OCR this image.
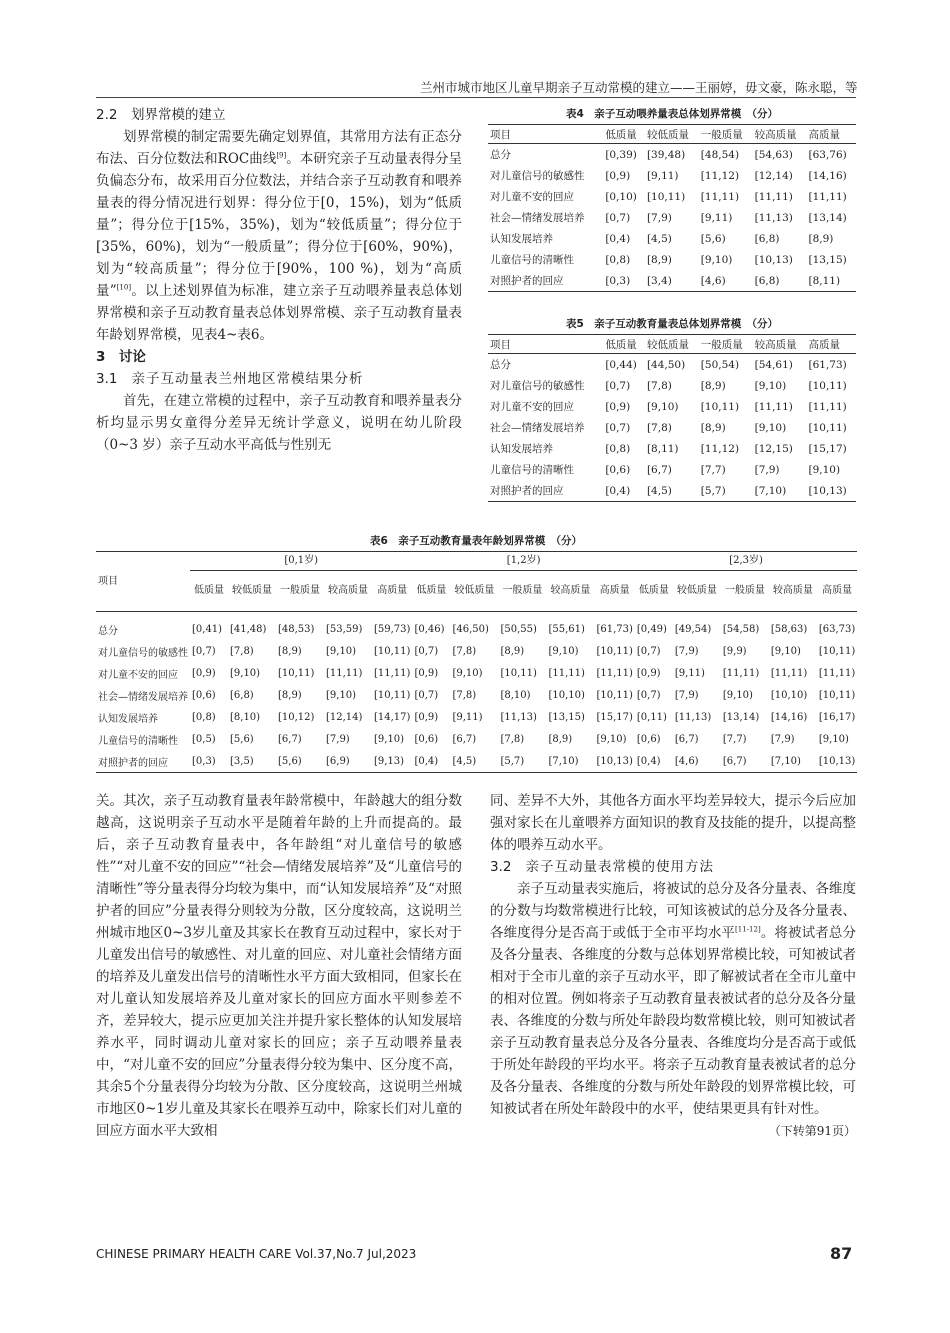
兰州市城市地区儿童早期亲子互动常模的建立——王丽婷，毋文豪，陈永聪，等

2.2　划界常模的建立

划界常模的制定需要先确定划界值，其常用方法有正态分布法、百分位数法和ROC曲线[9]。本研究亲子互动量表得分呈负偏态分布，故采用百分位数法，并结合亲子互动教育和喂养量表的得分情况进行划界：得分位于[0，15%)，划为“低质量”；得分位于[15%，35%)，划为“较低质量”；得分位于[35%，60%)，划为“一般质量”；得分位于[60%，90%)，划为“较高质量”；得分位于[90%，100 %)，划为“高质量”[10]。以上述划界值为标准，建立亲子互动喂养量表总体划界常模和亲子互动教育量表总体划界常模、亲子互动教育量表年龄划界常模，见表4~表6。

3　讨论

3.1 亲子互动量表兰州地区常模结果分析

首先，在建立常模的过程中，亲子互动教育和喂养量表分析均显示男女童得分差异无统计学意义，说明在幼儿阶段（0~3 岁）亲子互动水平高低与性别无

表4　亲子互动喂养量表总体划界常模　（分）
项目	低质量	较低质量	一般质量	较高质量	高质量
总分	[0,39)	[39,48)	[48,54)	[54,63)	[63,76)
对儿童信号的敏感性	[0,9)	[9,11)	[11,12)	[12,14)	[14,16)
对儿童不安的回应	[0,10)	[10,11)	[11,11)	[11,11)	[11,11)
社会—情绪发展培养	[0,7)	[7,9)	[9,11)	[11,13)	[13,14)
认知发展培养	[0,4)	[4,5)	[5,6)	[6,8)	[8,9)
儿童信号的清晰性	[0,8)	[8,9)	[9,10)	[10,13)	[13,15)
对照护者的回应	[0,3)	[3,4)	[4,6)	[6,8)	[8,11)
表5　亲子互动教育量表总体划界常模　（分）
项目	低质量	较低质量	一般质量	较高质量	高质量
总分	[0,44)	[44,50)	[50,54)	[54,61)	[61,73)
对儿童信号的敏感性	[0,7)	[7,8)	[8,9)	[9,10)	[10,11)
对儿童不安的回应	[0,9)	[9,10)	[10,11)	[11,11)	[11,11)
社会—情绪发展培养	[0,7)	[7,8)	[8,9)	[9,10)	[10,11)
认知发展培养	[0,8)	[8,11)	[11,12)	[12,15)	[15,17)
儿童信号的清晰性	[0,6)	[6,7)	[7,7)	[7,9)	[9,10)
对照护者的回应	[0,4)	[4,5)	[5,7)	[7,10)	[10,13)
表6　亲子互动教育量表年龄划界常模　（分）
项目	[0,1岁)					[1,2岁)					[2,3岁)				
	低质量	较低质量	一般质量	较高质量	高质量	低质量	较低质量	一般质量	较高质量	高质量	低质量	较低质量	一般质量	较高质量	高质量
总分	[0,41)	[41,48)	[48,53)	[53,59)	[59,73)	[0,46)	[46,50)	[50,55)	[55,61)	[61,73)	[0,49)	[49,54)	[54,58)	[58,63)	[63,73)
对儿童信号的敏感性	[0,7)	[7,8)	[8,9)	[9,10)	[10,11)	[0,7)	[7,8)	[8,9)	[9,10)	[10,11)	[0,7)	[7,9)	[9,9)	[9,10)	[10,11)
对儿童不安的回应	[0,9)	[9,10)	[10,11)	[11,11)	[11,11)	[0,9)	[9,10)	[10,11)	[11,11)	[11,11)	[0,9)	[9,11)	[11,11)	[11,11)	[11,11)
社会—情绪发展培养	[0,6)	[6,8)	[8,9)	[9,10)	[10,11)	[0,7)	[7,8)	[8,10)	[10,10)	[10,11)	[0,7)	[7,9)	[9,10)	[10,10)	[10,11)
认知发展培养	[0,8)	[8,10)	[10,12)	[12,14)	[14,17)	[0,9)	[9,11)	[11,13)	[13,15)	[15,17)	[0,11)	[11,13)	[13,14)	[14,16)	[16,17)
儿童信号的清晰性	[0,5)	[5,6)	[6,7)	[7,9)	[9,10)	[0,6)	[6,7)	[7,8)	[8,9)	[9,10)	[0,6)	[6,7)	[7,7)	[7,9)	[9,10)
对照护者的回应	[0,3)	[3,5)	[5,6)	[6,9)	[9,13)	[0,4)	[4,5)	[5,7)	[7,10)	[10,13)	[0,4)	[4,6)	[6,7)	[7,10)	[10,13)

关。其次，亲子互动教育量表年龄常模中，年龄越大的组分数越高，这说明亲子互动水平是随着年龄的上升而提高的。最后，亲子互动教育量表中，各年龄组“对儿童信号的敏感性”“对儿童不安的回应”“社会—情绪发展培养”及“儿童信号的清晰性”等分量表得分均较为集中，而“认知发展培养”及“对照护者的回应”分量表得分则较为分散，区分度较高，这说明兰州城市地区0~3岁儿童及其家长在教育互动过程中，家长对于儿童发出信号的敏感性、对儿童的回应、对儿童社会情绪方面的培养及儿童发出信号的清晰性水平方面大致相同，但家长在对儿童认知发展培养及儿童对家长的回应方面水平则参差不齐，差异较大，提示应更加关注并提升家长整体的认知发展培养水平，同时调动儿童对家长的回应；亲子互动喂养量表中，“对儿童不安的回应”分量表得分较为集中、区分度不高，其余5个分量表得分均较为分散、区分度较高，这说明兰州城市地区0~1岁儿童及其家长在喂养互动中，除家长们对儿童的回应方面水平大致相

同、差异不大外，其他各方面水平均差异较大，提示今后应加强对家长在儿童喂养方面知识的教育及技能的提升，以提高整体的喂养互动水平。

3.2 亲子互动量表常模的使用方法

亲子互动量表实施后，将被试的总分及各分量表、各维度的分数与均数常模进行比较，可知该被试的总分及各分量表、各维度得分是否高于或低于全市平均水平[11-12]。将被试者总分及各分量表、各维度的分数与总体划界常模比较，可知被试者相对于全市儿童的亲子互动水平，即了解被试者在全市儿童中的相对位置。例如将亲子互动教育量表被试者的总分及各分量表、各维度的分数与所处年龄段均数常模比较，则可知被试者亲子互动教育量表总分及各分量表、各维度均分是否高于或低于所处年龄段的平均水平。将亲子互动教育量表被试者的总分及各分量表、各维度的分数与所处年龄段的划界常模比较，可知被试者在所处年龄段中的水平，使结果更具有针对性。

（下转第91页）

CHINESE PRIMARY HEALTH CARE Vol.37,No.7 Jul,2023	87
